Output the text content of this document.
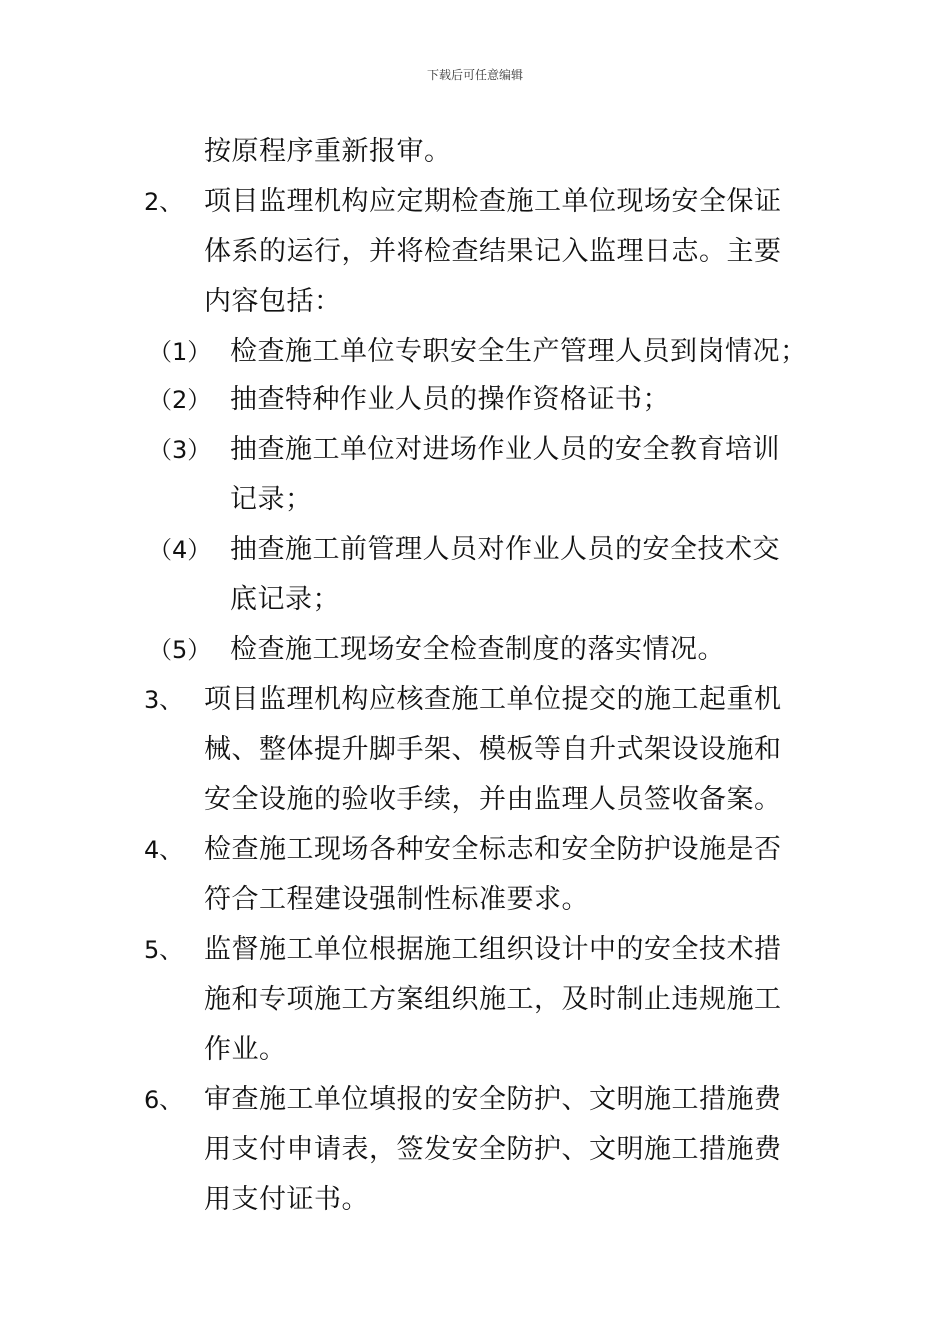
下载后可任意编辑
按原程序重新报审。
2、 项目监理机构应定期检查施工单位现场安全保证
体系的运行，并将检查结果记入监理日志。主要
内容包括：
（1） 检查施工单位专职安全生产管理人员到岗情况；
（2） 抽查特种作业人员的操作资格证书；
（3） 抽查施工单位对进场作业人员的安全教育培训
记录；
（4） 抽查施工前管理人员对作业人员的安全技术交
底记录；
（5） 检查施工现场安全检查制度的落实情况。
3、 项目监理机构应核查施工单位提交的施工起重机
械、整体提升脚手架、模板等自升式架设设施和
安全设施的验收手续，并由监理人员签收备案。
4、 检查施工现场各种安全标志和安全防护设施是否
符合工程建设强制性标准要求。
5、 监督施工单位根据施工组织设计中的安全技术措
施和专项施工方案组织施工，及时制止违规施工
作业。
6、 审查施工单位填报的安全防护、文明施工措施费
用支付申请表，签发安全防护、文明施工措施费
用支付证书。
